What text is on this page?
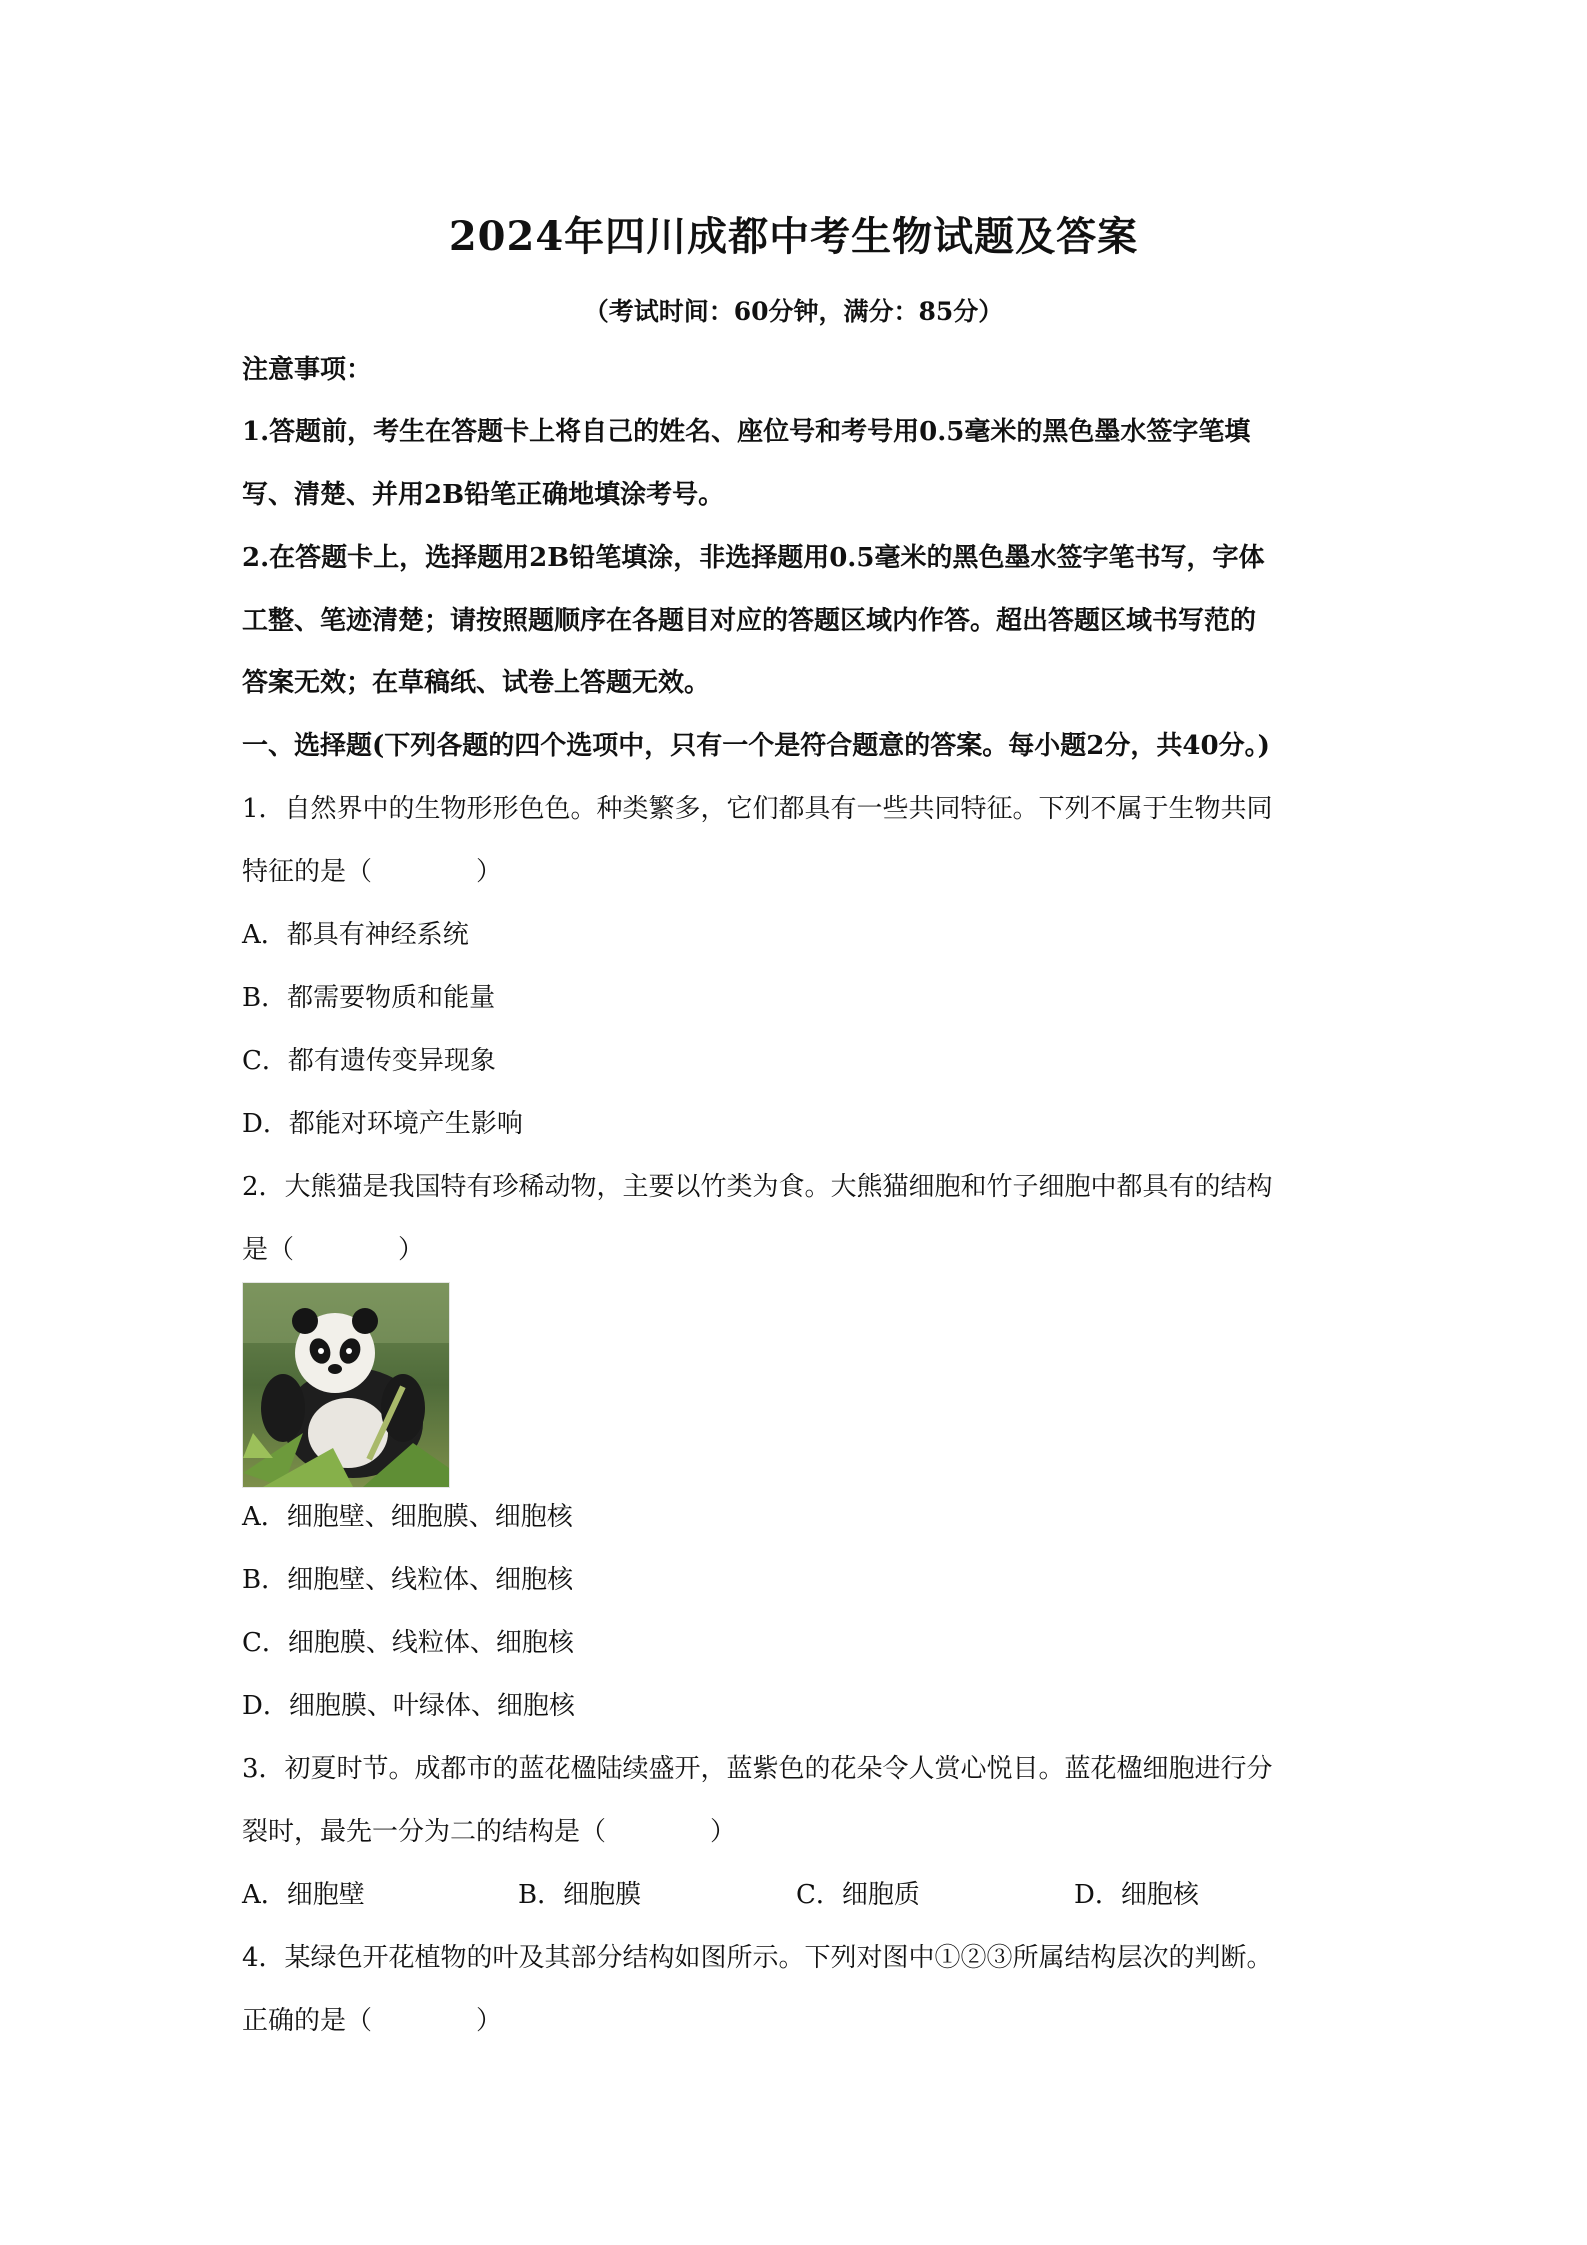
2024年四川成都中考生物试题及答案
（考试时间：60分钟，满分：85分）
注意事项：
1.答题前，考生在答题卡上将自己的姓名、座位号和考号用0.5毫米的黑色墨水签字笔填
写、清楚、并用2B铅笔正确地填涂考号。
2.在答题卡上，选择题用2B铅笔填涂，非选择题用0.5毫米的黑色墨水签字笔书写，字体
工整、笔迹清楚；请按照题顺序在各题目对应的答题区域内作答。超出答题区域书写范的
答案无效；在草稿纸、试卷上答题无效。
一、选择题(下列各题的四个选项中，只有一个是符合题意的答案。每小题2分，共40分。)
1．自然界中的生物形形色色。种类繁多，它们都具有一些共同特征。下列不属于生物共同
特征的是（　　　　）
A．都具有神经系统
B．都需要物质和能量
C．都有遗传变异现象
D．都能对环境产生影响
2．大熊猫是我国特有珍稀动物，主要以竹类为食。大熊猫细胞和竹子细胞中都具有的结构
是（　　　　）
A．细胞壁、细胞膜、细胞核
B．细胞壁、线粒体、细胞核
C．细胞膜、线粒体、细胞核
D．细胞膜、叶绿体、细胞核
3．初夏时节。成都市的蓝花楹陆续盛开，蓝紫色的花朵令人赏心悦目。蓝花楹细胞进行分
裂时，最先一分为二的结构是（　　　　）
A．细胞壁	B．细胞膜	C．细胞质	D．细胞核
4．某绿色开花植物的叶及其部分结构如图所示。下列对图中①②③所属结构层次的判断。
正确的是（　　　　）
